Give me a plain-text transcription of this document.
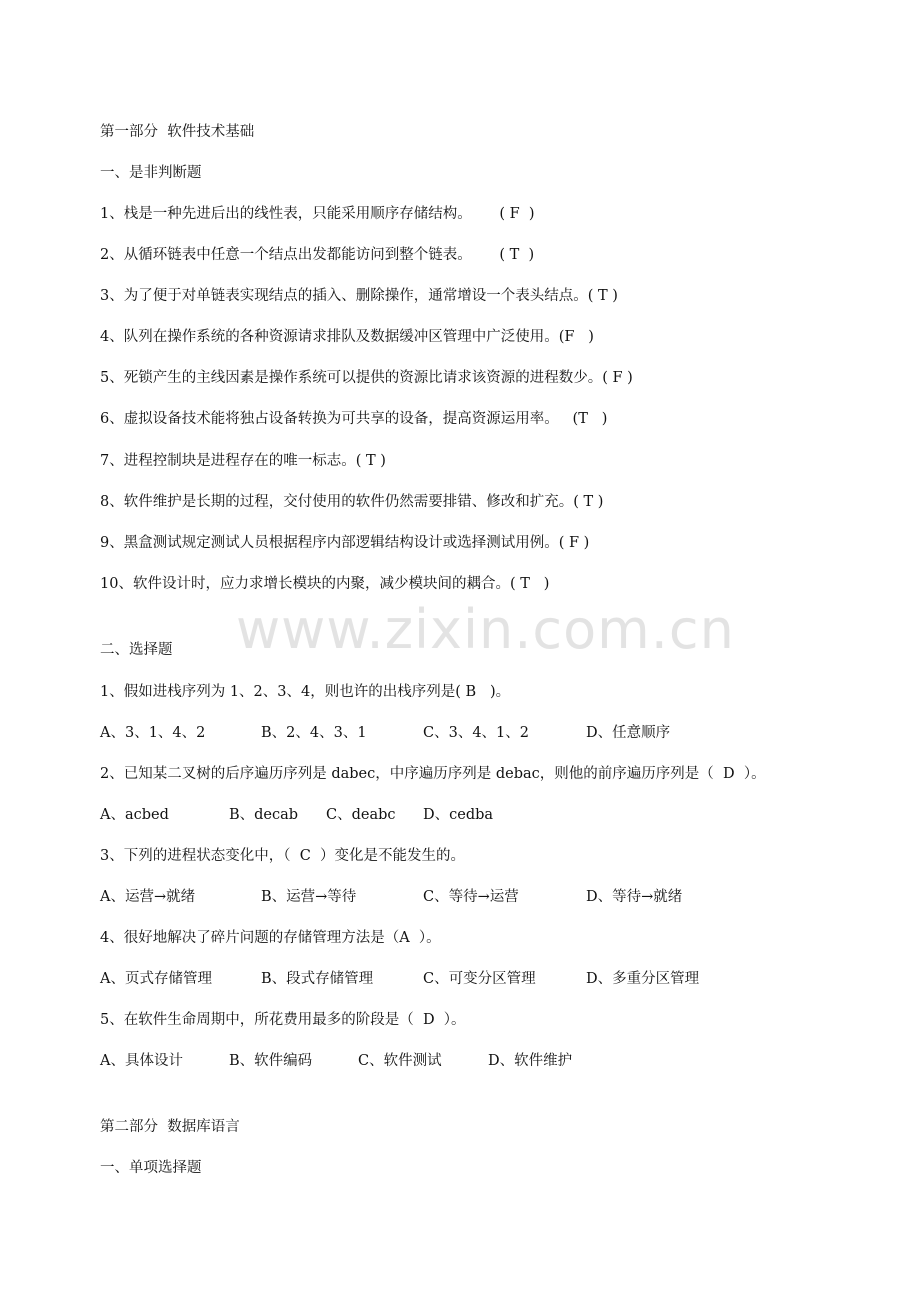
第一部分  软件技术基础
一、是非判断题
1、栈是一种先进后出的线性表，只能采用顺序存储结构。      ( F  )
2、从循环链表中任意一个结点出发都能访问到整个链表。      ( T  )
3、为了便于对单链表实现结点的插入、删除操作，通常增设一个表头结点。( T )
4、队列在操作系统的各种资源请求排队及数据缓冲区管理中广泛使用。(F   )
5、死锁产生的主线因素是操作系统可以提供的资源比请求该资源的进程数少。( F )
6、虚拟设备技术能将独占设备转换为可共享的设备，提高资源运用率。   (T   )
7、进程控制块是进程存在的唯一标志。( T )
8、软件维护是长期的过程，交付使用的软件仍然需要排错、修改和扩充。( T )
9、黑盒测试规定测试人员根据程序内部逻辑结构设计或选择测试用例。( F )
10、软件设计时，应力求增长模块的内聚，减少模块间的耦合。( T   )
www.zixin.com.cn
二、选择题
1、假如进栈序列为 1、2、3、4，则也许的出栈序列是( B   )。
A、3、1、4、2	B、2、4、3、1	C、3、4、1、2	D、任意顺序
2、已知某二叉树的后序遍历序列是 dabec，中序遍历序列是 debac，则他的前序遍历序列是（  D  ）。
A、acbed	B、decab C、deabc D、cedba
3、下列的进程状态变化中，（  C  ）变化是不能发生的。
A、运营→就绪	B、运营→等待	C、等待→运营	D、等待→就绪
4、很好地解决了碎片问题的存储管理方法是（A  ）。
A、页式存储管理	B、段式存储管理	C、可变分区管理	D、多重分区管理
5、在软件生命周期中，所花费用最多的阶段是（  D  ）。
A、具体设计	B、软件编码	C、软件测试	D、软件维护
第二部分  数据库语言
一、单项选择题
